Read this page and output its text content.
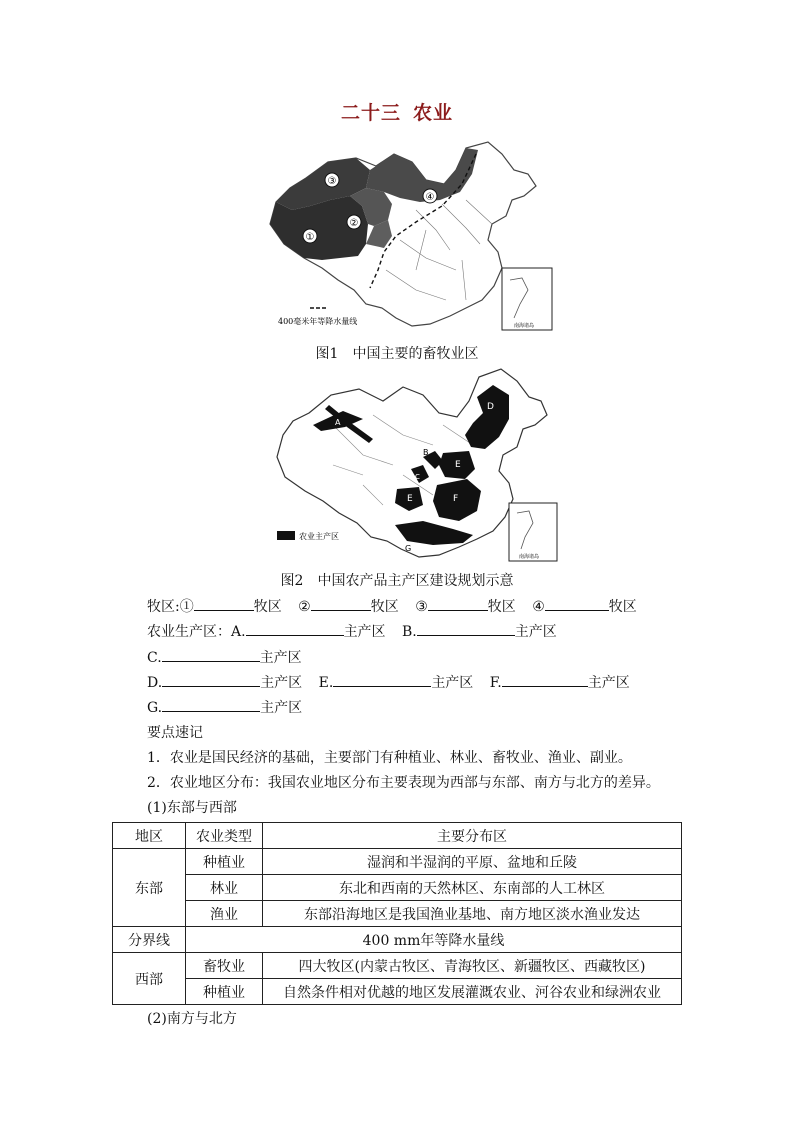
二十三 农业
③
②
①
④
400毫米年等降水量线	南海诸岛
图1　中国主要的畜牧业区
A
B
C
D
E
F
G
E
农业主产区
南海诸岛
图2　中国农产品主产区建设规划示意
牧区:①	牧区 ②	牧区 ③	牧区 ④	牧区
农业生产区：A.	主产区 B.	主产区
C.	主产区
D.	主产区 E.	主产区 F.	主产区
G.	主产区
要点速记
1．农业是国民经济的基础，主要部门有种植业、林业、畜牧业、渔业、副业。
2．农业地区分布：我国农业地区分布主要表现为西部与东部、南方与北方的差异。
(1)东部与西部
地区	农业类型	主要分布区
东部	种植业	湿润和半湿润的平原、盆地和丘陵
	林业	东北和西南的天然林区、东南部的人工林区
	渔业	东部沿海地区是我国渔业基地、南方地区淡水渔业发达
分界线	400 mm年等降水量线	
西部	畜牧业	四大牧区(内蒙古牧区、青海牧区、新疆牧区、西藏牧区)
	种植业	自然条件相对优越的地区发展灌溉农业、河谷农业和绿洲农业
(2)南方与北方
